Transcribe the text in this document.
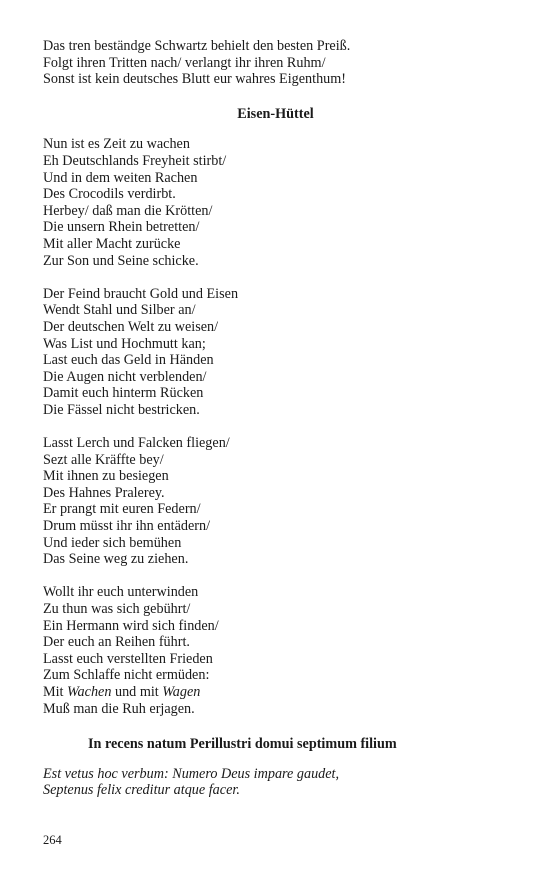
Das tren beständge Schwartz behielt den besten Preiß.
Folgt ihren Tritten nach/ verlangt ihr ihren Ruhm/
Sonst ist kein deutsches Blutt eur wahres Eigenthum!
Eisen-Hüttel
Nun ist es Zeit zu wachen
Eh Deutschlands Freyheit stirbt/
Und in dem weiten Rachen
Des Crocodils verdirbt.
Herbey/ daß man die Krötten/
Die unsern Rhein betretten/
Mit aller Macht zurücke
Zur Son und Seine schicke.
Der Feind braucht Gold und Eisen
Wendt Stahl und Silber an/
Der deutschen Welt zu weisen/
Was List und Hochmutt kan;
Last euch das Geld in Händen
Die Augen nicht verblenden/
Damit euch hinterm Rücken
Die Fässel nicht bestricken.
Lasst Lerch und Falcken fliegen/
Sezt alle Kräffte bey/
Mit ihnen zu besiegen
Des Hahnes Pralerey.
Er prangt mit euren Federn/
Drum müsst ihr ihn entädern/
Und ieder sich bemühen
Das Seine weg zu ziehen.
Wollt ihr euch unterwinden
Zu thun was sich gebührt/
Ein Hermann wird sich finden/
Der euch an Reihen führt.
Lasst euch verstellten Frieden
Zum Schlaffe nicht ermüden:
Mit Wachen und mit Wagen
Muß man die Ruh erjagen.
In recens natum Perillustri domui septimum filium
Est vetus hoc verbum: Numero Deus impare gaudet,
Septenus felix creditur atque facer.
264
